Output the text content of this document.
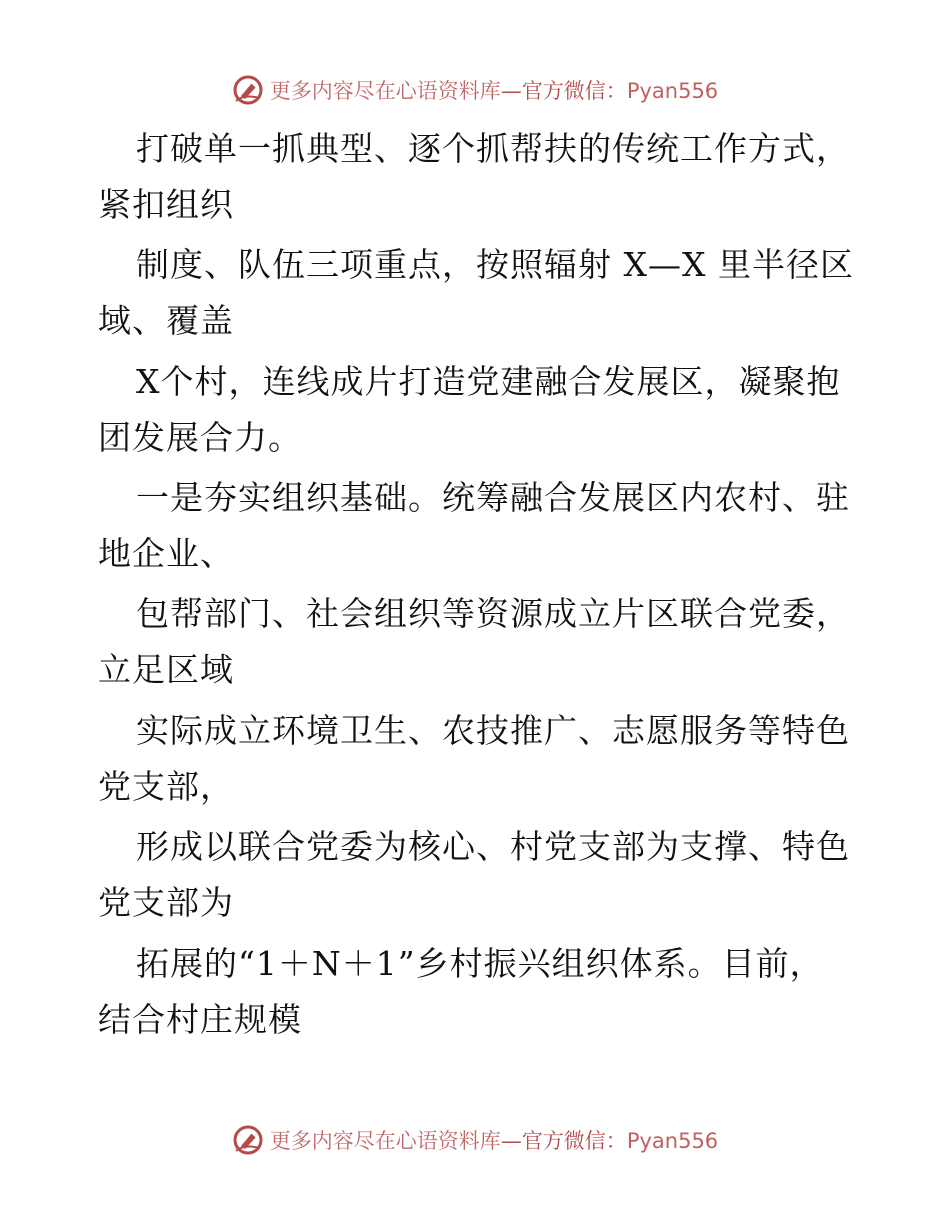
更多内容尽在心语资料库—官方微信：Pyan556
打破单一抓典型、逐个抓帮扶的传统工作方式，
紧扣组织
制度、队伍三项重点，按照辐射 X—X 里半径区
域、覆盖
X个村，连线成片打造党建融合发展区，凝聚抱
团发展合力。
一是夯实组织基础。统筹融合发展区内农村、驻
地企业、
包帮部门、社会组织等资源成立片区联合党委，
立足区域
实际成立环境卫生、农技推广、志愿服务等特色
党支部，
形成以联合党委为核心、村党支部为支撑、特色
党支部为
拓展的“1＋N＋1”乡村振兴组织体系。目前，
结合村庄规模
更多内容尽在心语资料库—官方微信：Pyan556
